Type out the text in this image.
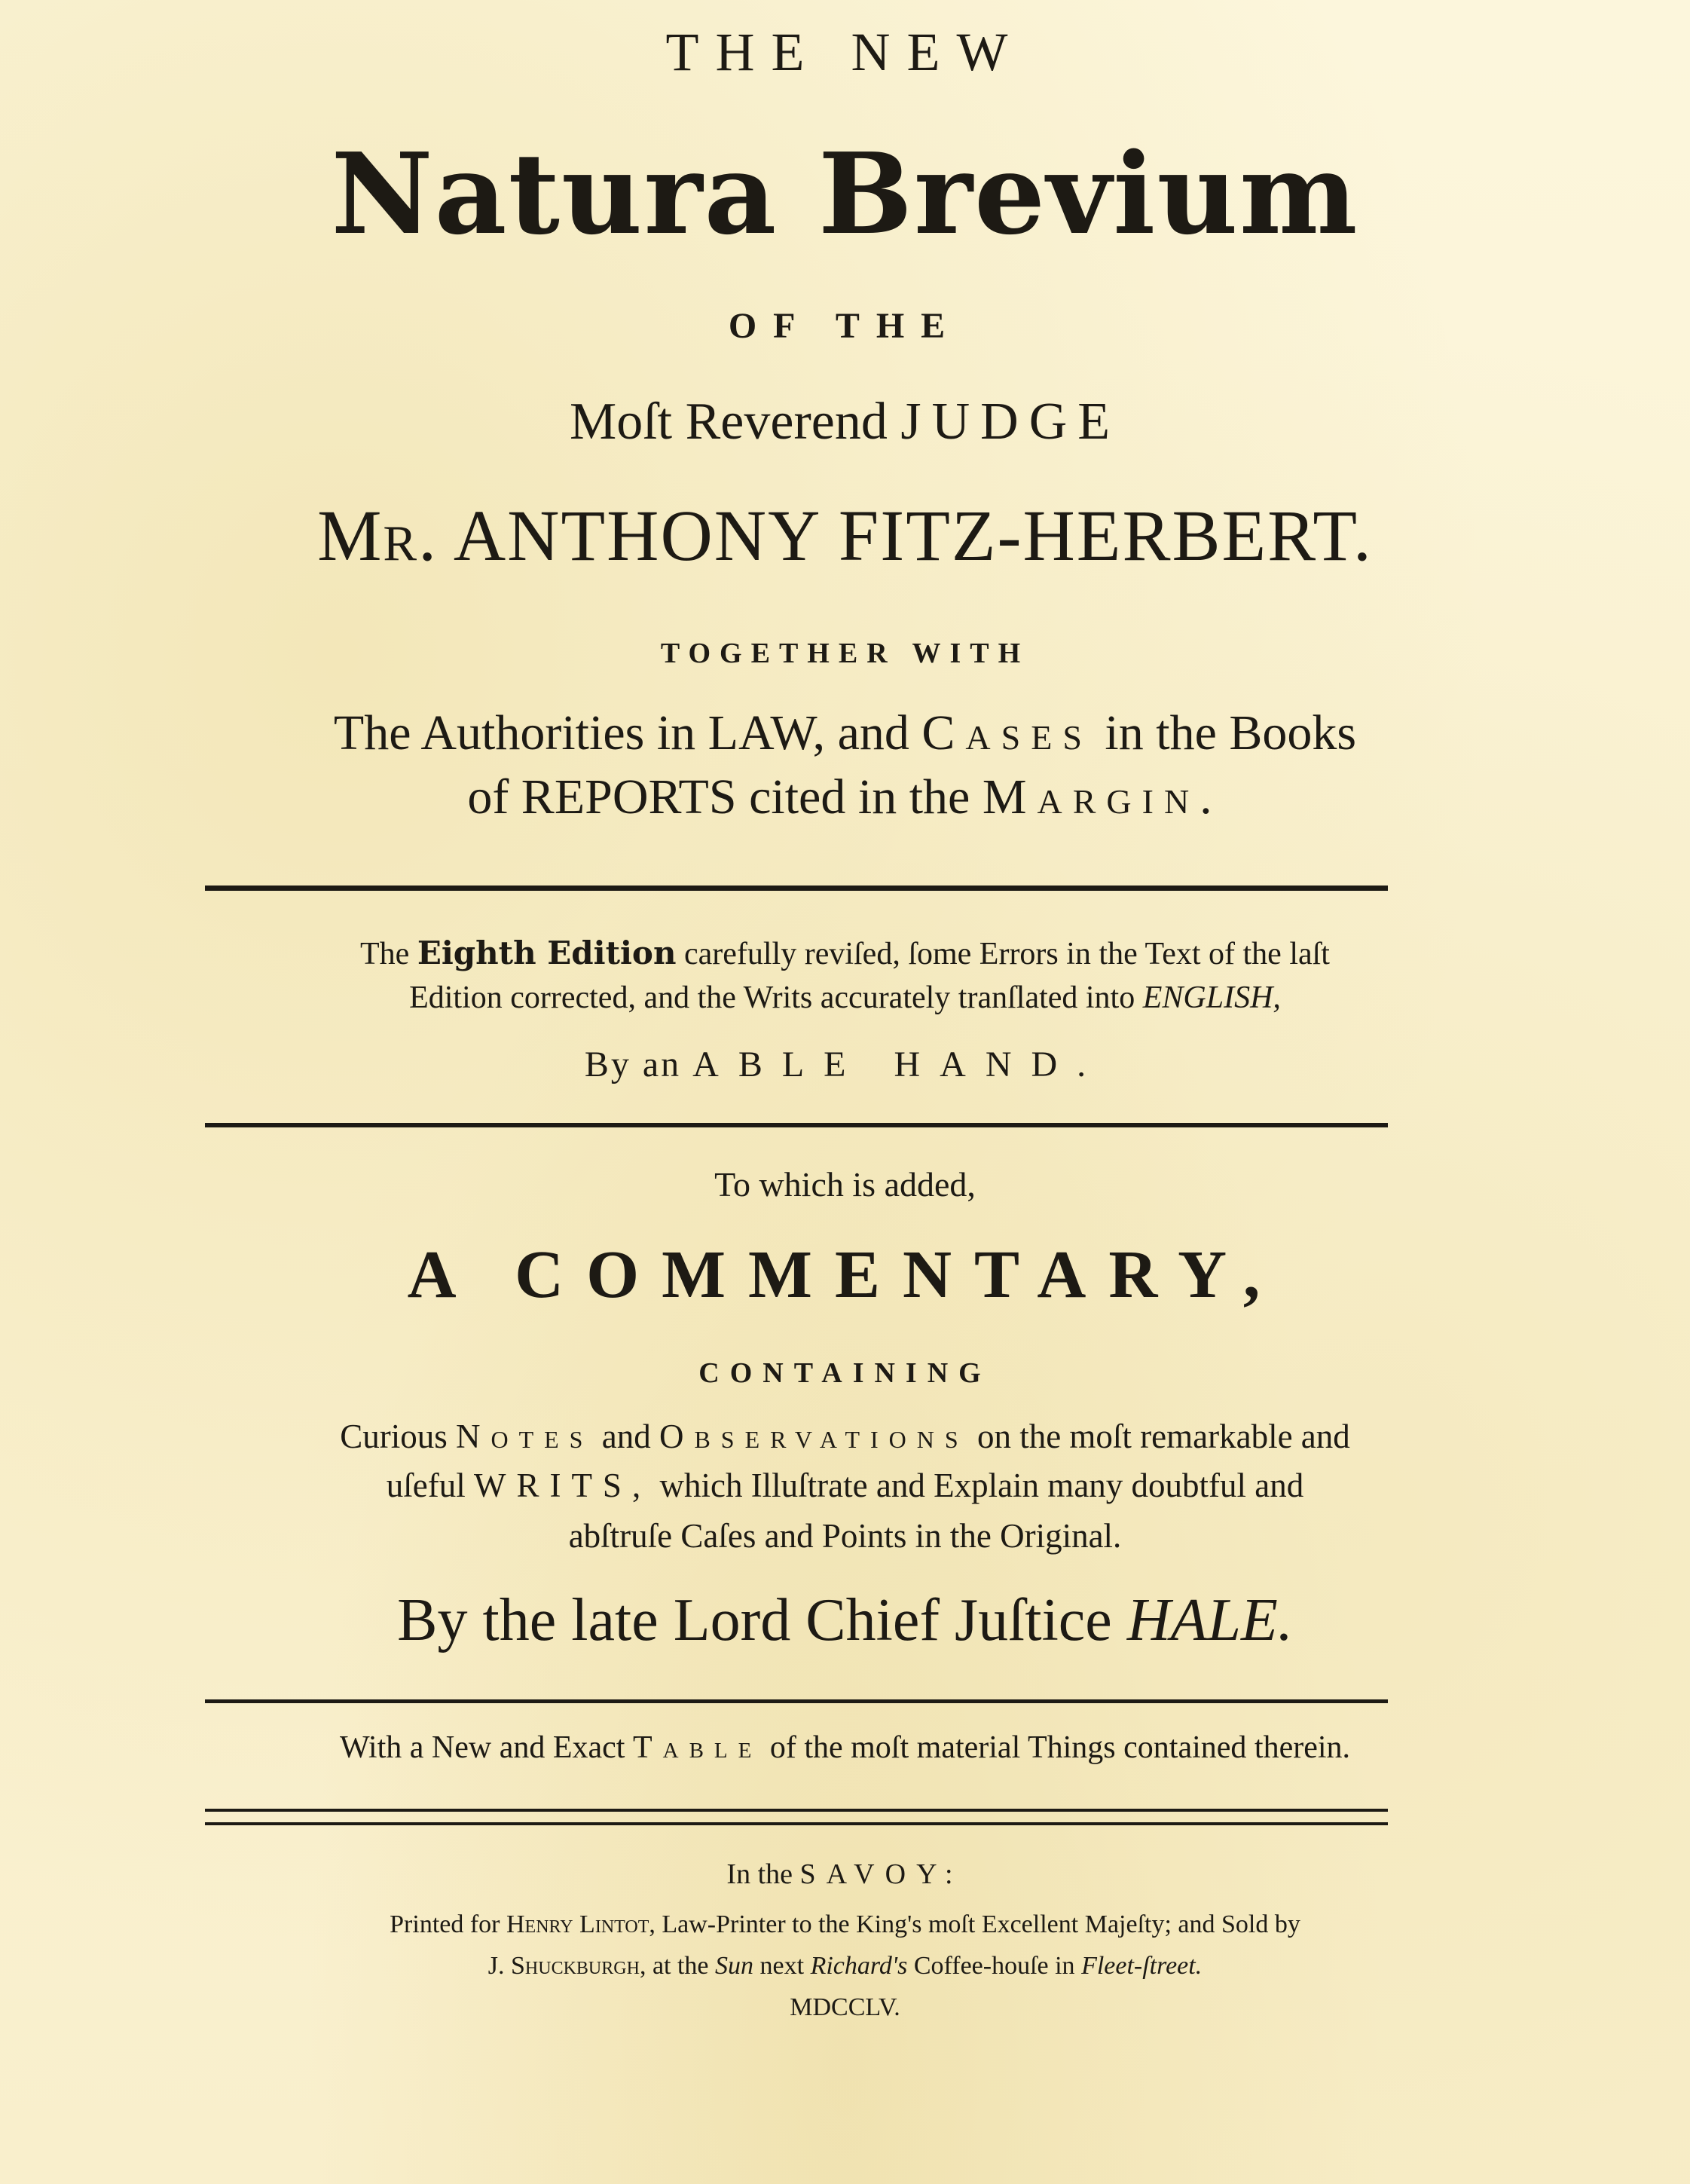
THE NEW
Natura Brevium
OF THE
Moſt Reverend JUDGE
Mr. ANTHONY FITZ-HERBERT.
TOGETHER WITH
The Authorities in LAW, and Cases in the Books
of REPORTS cited in the Margin.
The Eighth Edition carefully reviſed, ſome Errors in the Text of the laſt
Edition corrected, and the Writs accurately tranſlated into ENGLISH,
By an ABLE HAND.
To which is added,
A COMMENTARY,
CONTAINING
Curious Notes and Observations on the moſt remarkable and
uſeful WRITS, which Illuſtrate and Explain many doubtful and
abſtruſe Caſes and Points in the Original.
By the late Lord Chief Juſtice HALE.
With a New and Exact Table of the moſt material Things contained therein.
In the SAVOY:
Printed for Henry Lintot, Law-Printer to the King's moſt Excellent Majeſty; and Sold by
J. Shuckburgh, at the Sun next Richard's Coffee-houſe in Fleet-ſtreet.
MDCCLV.
